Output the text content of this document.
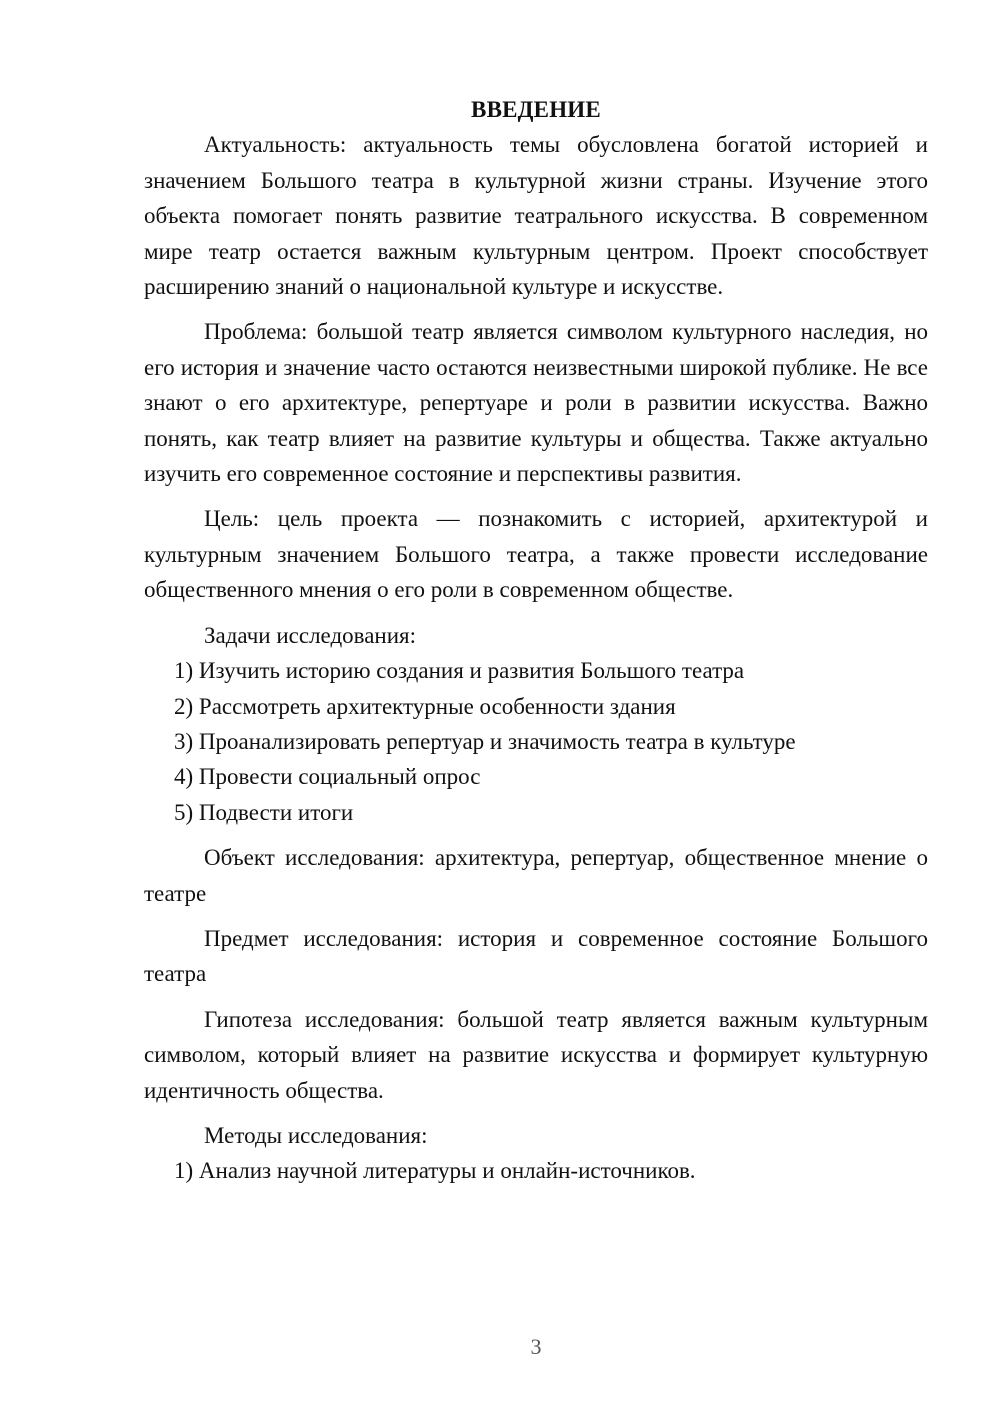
ВВЕДЕНИЕ

Актуальность: актуальность темы обусловлена богатой историей и значением Большого театра в культурной жизни страны. Изучение этого объекта помогает понять развитие театрального искусства. В современном мире театр остается важным культурным центром. Проект способствует расширению знаний о национальной культуре и искусстве.

Проблема: большой театр является символом культурного наследия, но его история и значение часто остаются неизвестными широкой публике. Не все знают о его архитектуре, репертуаре и роли в развитии искусства. Важно понять, как театр влияет на развитие культуры и общества. Также актуально изучить его современное состояние и перспективы развития.

Цель: цель проекта — познакомить с историей, архитектурой и культурным значением Большого театра, а также провести исследование общественного мнения о его роли в современном обществе.

Задачи исследования:

1) Изучить историю создания и развития Большого театра

2) Рассмотреть архитектурные особенности здания

3) Проанализировать репертуар и значимость театра в культуре

4) Провести социальный опрос

5) Подвести итоги

Объект исследования: архитектура, репертуар, общественное мнение о театре

Предмет исследования: история и современное состояние Большого театра

Гипотеза исследования: большой театр является важным культурным символом, который влияет на развитие искусства и формирует культурную идентичность общества.

Методы исследования:

1) Анализ научной литературы и онлайн-источников.

3
